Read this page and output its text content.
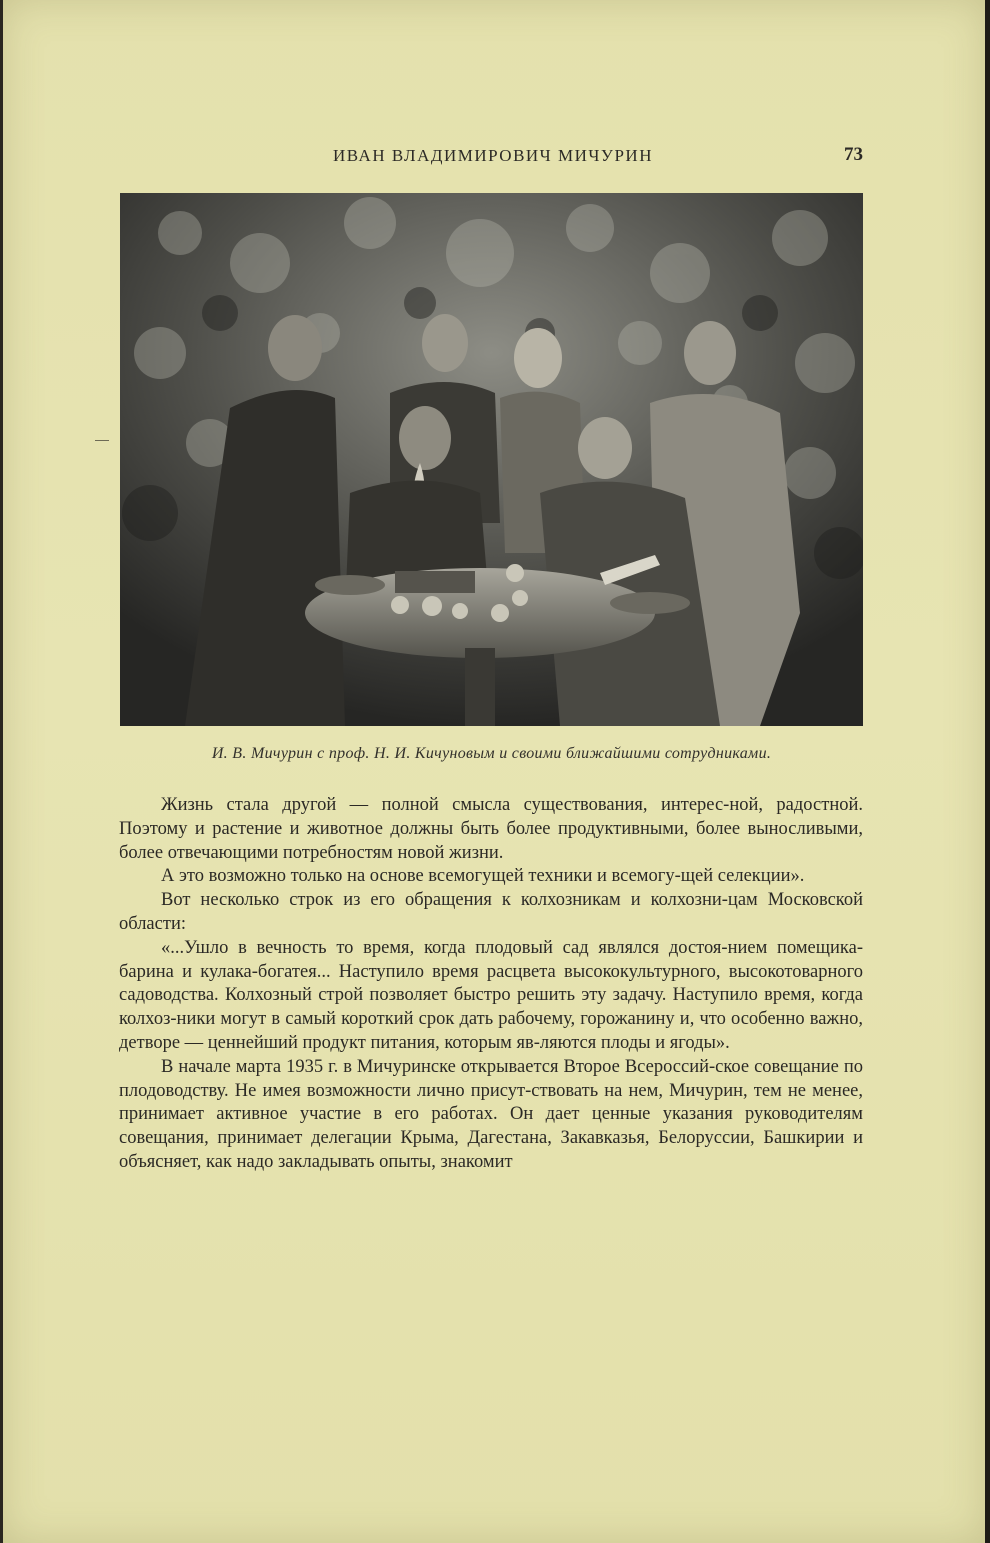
ИВАН ВЛАДИМИРОВИЧ МИЧУРИН	73
И. В. Мичурин с проф. Н. И. Кичуновым и своими ближайшими сотрудниками.

Жизнь стала другой — полной смысла существования, интерес-ной, радостной. Поэтому и растение и животное должны быть более продуктивными, более выносливыми, более отвечающими потребностям новой жизни.

А это возможно только на основе всемогущей техники и всемогу-щей селекции».

Вот несколько строк из его обращения к колхозникам и колхозни-цам Московской области:

«...Ушло в вечность то время, когда плодовый сад являлся достоя-нием помещика-барина и кулака-богатея... Наступило время расцвета высококультурного, высокотоварного садоводства. Колхозный строй позволяет быстро решить эту задачу. Наступило время, когда колхоз-ники могут в самый короткий срок дать рабочему, горожанину и, что особенно важно, детворе — ценнейший продукт питания, которым яв-ляются плоды и ягоды».

В начале марта 1935 г. в Мичуринске открывается Второе Всероссий-ское совещание по плодоводству. Не имея возможности лично присут-ствовать на нем, Мичурин, тем не менее, принимает активное участие в его работах. Он дает ценные указания руководителям совещания, принимает делегации Крыма, Дагестана, Закавказья, Белоруссии, Башкирии и объясняет, как надо закладывать опыты, знакомит
